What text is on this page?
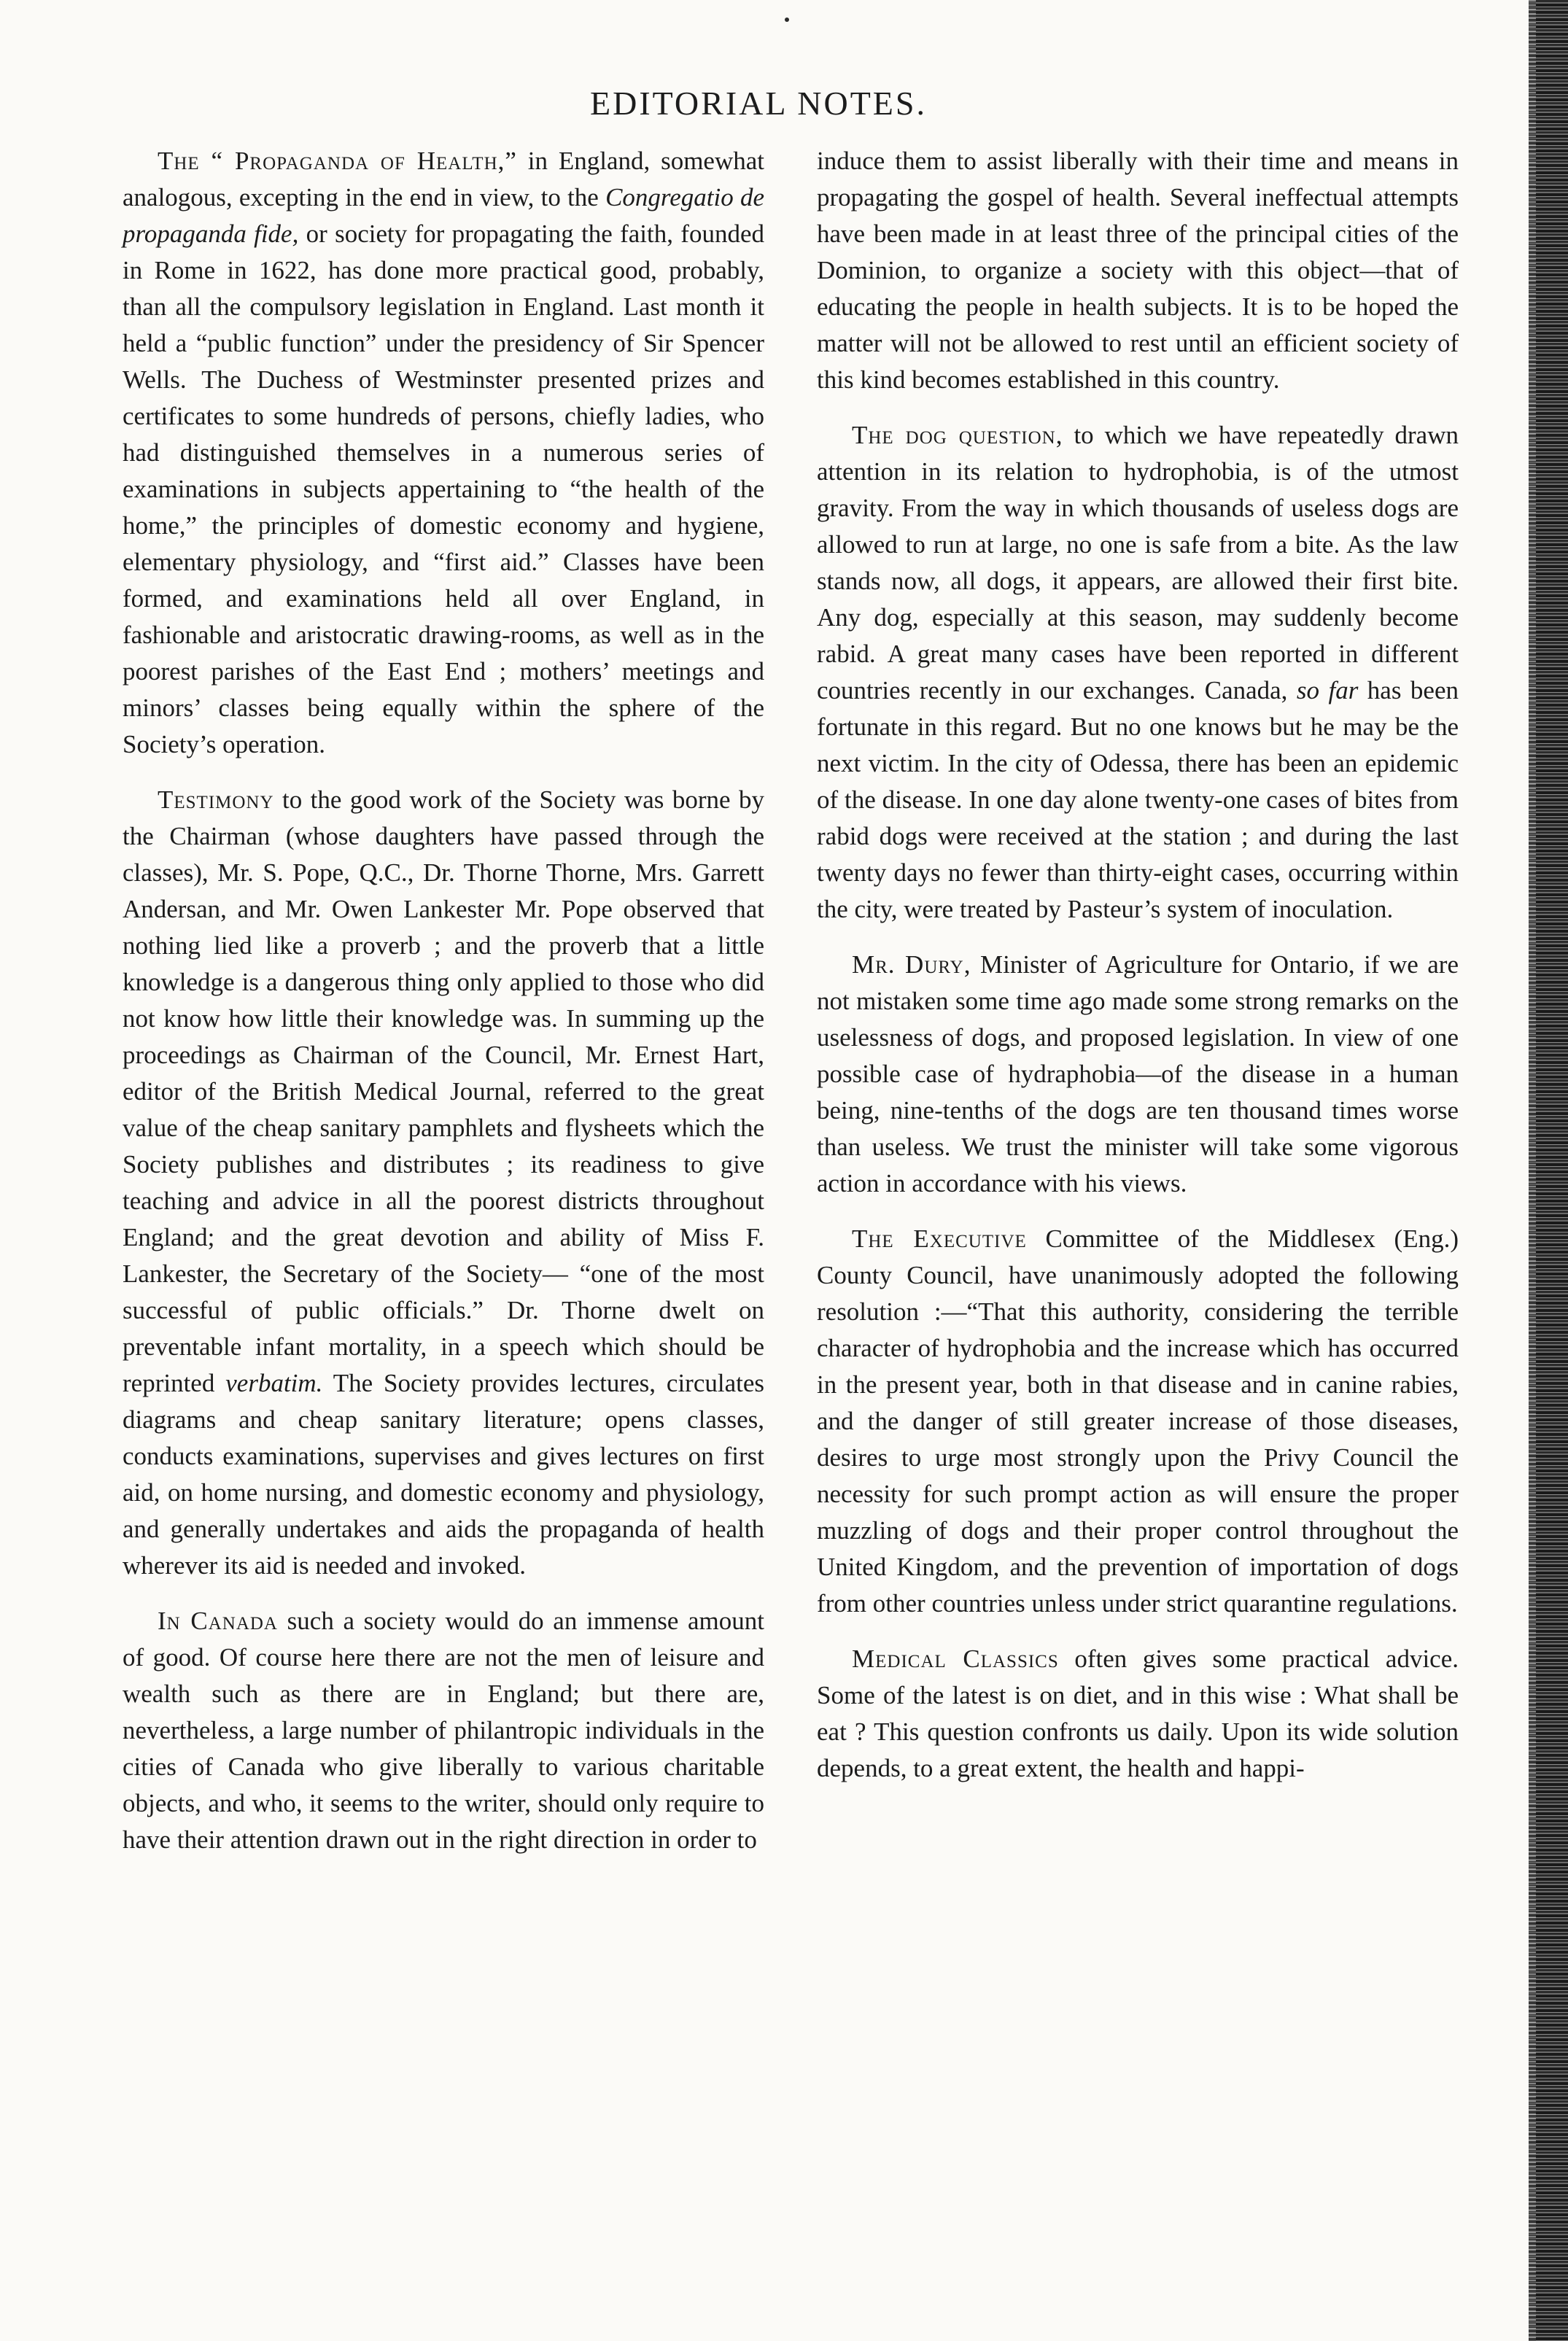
EDITORIAL NOTES.

The “ Propaganda of Health,” in England, somewhat analogous, excepting in the end in view, to the Congregatio de propaganda fide, or society for propagating the faith, founded in Rome in 1622, has done more practical good, probably, than all the compulsory legislation in England. Last month it held a “public function” under the presidency of Sir Spencer Wells. The Duchess of Westminster presented prizes and certificates to some hundreds of persons, chiefly ladies, who had distinguished themselves in a numerous series of examinations in subjects appertaining to “the health of the home,” the principles of domestic economy and hygiene, elementary physiology, and “first aid.” Classes have been formed, and examinations held all over England, in fashionable and aristocratic drawing-rooms, as well as in the poorest parishes of the East End ; mothers’ meetings and minors’ classes being equally within the sphere of the Society’s operation.

Testimony to the good work of the Society was borne by the Chairman (whose daughters have passed through the classes), Mr. S. Pope, Q.C., Dr. Thorne Thorne, Mrs. Garrett Andersan, and Mr. Owen Lankester Mr. Pope observed that nothing lied like a proverb ; and the proverb that a little knowledge is a dangerous thing only applied to those who did not know how little their knowledge was. In summing up the proceedings as Chairman of the Council, Mr. Ernest Hart, editor of the British Medical Journal, referred to the great value of the cheap sanitary pamphlets and flysheets which the Society publishes and distributes ; its readiness to give teaching and advice in all the poorest districts throughout England; and the great devotion and ability of Miss F. Lankester, the Secretary of the Society— “one of the most successful of public officials.” Dr. Thorne dwelt on preventable infant mortality, in a speech which should be reprinted verbatim. The Society provides lectures, circulates diagrams and cheap sanitary literature; opens classes, conducts examinations, supervises and gives lectures on first aid, on home nursing, and domestic economy and physiology, and generally undertakes and aids the propaganda of health wherever its aid is needed and invoked.

In Canada such a society would do an immense amount of good. Of course here there are not the men of leisure and wealth such as there are in England; but there are, nevertheless, a large number of philantropic individuals in the cities of Canada who give liberally to various charitable objects, and who, it seems to the writer, should only require to have their attention drawn out in the right direction in order to

induce them to assist liberally with their time and means in propagating the gospel of health. Several ineffectual attempts have been made in at least three of the principal cities of the Dominion, to organize a society with this object—that of educating the people in health subjects. It is to be hoped the matter will not be allowed to rest until an efficient society of this kind becomes established in this country.

The dog question, to which we have repeatedly drawn attention in its relation to hydrophobia, is of the utmost gravity. From the way in which thousands of useless dogs are allowed to run at large, no one is safe from a bite. As the law stands now, all dogs, it appears, are allowed their first bite. Any dog, especially at this season, may suddenly become rabid. A great many cases have been reported in different countries recently in our exchanges. Canada, so far has been fortunate in this regard. But no one knows but he may be the next victim. In the city of Odessa, there has been an epidemic of the disease. In one day alone twenty-one cases of bites from rabid dogs were received at the station ; and during the last twenty days no fewer than thirty-eight cases, occurring within the city, were treated by Pasteur’s system of inoculation.

Mr. Dury, Minister of Agriculture for Ontario, if we are not mistaken some time ago made some strong remarks on the uselessness of dogs, and proposed legislation. In view of one possible case of hydraphobia—of the disease in a human being, nine-tenths of the dogs are ten thousand times worse than useless. We trust the minister will take some vigorous action in accordance with his views.

The Executive Committee of the Middlesex (Eng.) County Council, have unanimously adopted the following resolution :—“That this authority, considering the terrible character of hydrophobia and the increase which has occurred in the present year, both in that disease and in canine rabies, and the danger of still greater increase of those diseases, desires to urge most strongly upon the Privy Council the necessity for such prompt action as will ensure the proper muzzling of dogs and their proper control throughout the United Kingdom, and the prevention of importation of dogs from other countries unless under strict quarantine regulations.

Medical Classics often gives some practical advice. Some of the latest is on diet, and in this wise : What shall be eat ? This question confronts us daily. Upon its wide solution depends, to a great extent, the health and happi-
